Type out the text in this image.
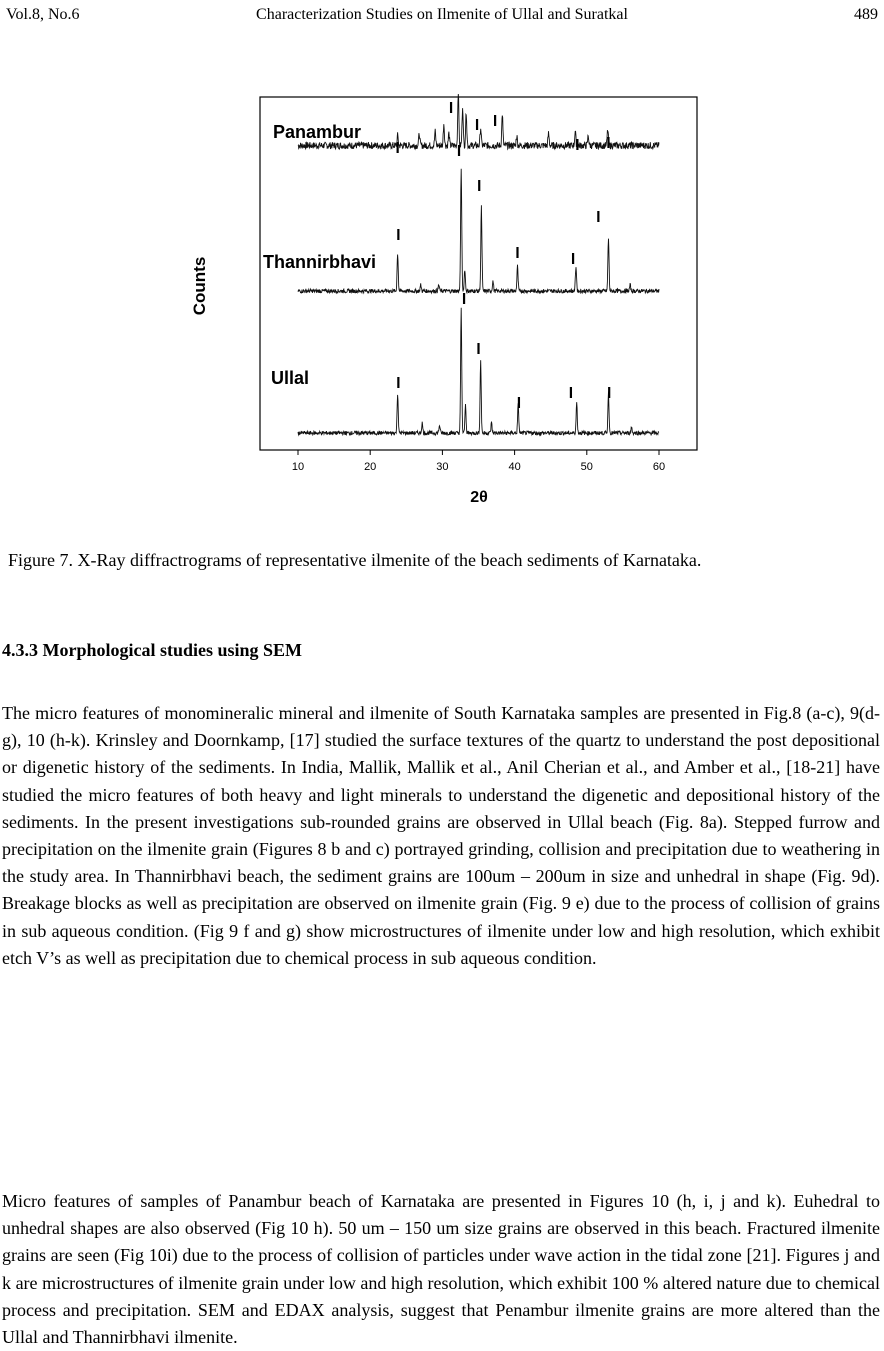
Vol.8, No.6	Characterization Studies on Ilmenite of Ullal and Suratkal	489
Counts
2θ
10	20	30	40	50	60
Panambur
Thannirbhavi
Ullal
Figure 7. X-Ray diffractrograms of representative ilmenite of the beach sediments of Karnataka.
4.3.3 Morphological studies using SEM
The micro features of monomineralic mineral and ilmenite of South Karnataka samples are presented in Fig.8 (a-c), 9(d-g), 10 (h-k). Krinsley and Doornkamp, [17] studied the surface textures of the quartz to understand the post depositional or digenetic history of the sediments. In India, Mallik, Mallik et al., Anil Cherian et al., and Amber et al., [18-21] have studied the micro features of both heavy and light minerals to understand the digenetic and depositional history of the sediments. In the present investigations sub-rounded grains are observed in Ullal beach (Fig. 8a). Stepped furrow and precipitation on the ilmenite grain (Figures 8 b and c) portrayed grinding, collision and precipitation due to weathering in the study area. In Thannirbhavi beach, the sediment grains are 100um – 200um in size and unhedral in shape (Fig. 9d). Breakage blocks as well as precipitation are observed on ilmenite grain (Fig. 9 e) due to the process of collision of grains in sub aqueous condition. (Fig 9 f and g) show microstructures of ilmenite under low and high resolution, which exhibit etch V’s as well as precipitation due to chemical process in sub aqueous condition.
Micro features of samples of Panambur beach of Karnataka are presented in Figures 10 (h, i, j and k). Euhedral to unhedral shapes are also observed (Fig 10 h). 50 um – 150 um size grains are observed in this beach. Fractured ilmenite grains are seen (Fig 10i) due to the process of collision of particles under wave action in the tidal zone [21]. Figures j and k are microstructures of ilmenite grain under low and high resolution, which exhibit 100 % altered nature due to chemical process and precipitation. SEM and EDAX analysis, suggest that Penambur ilmenite grains are more altered than the Ullal and Thannirbhavi ilmenite.
